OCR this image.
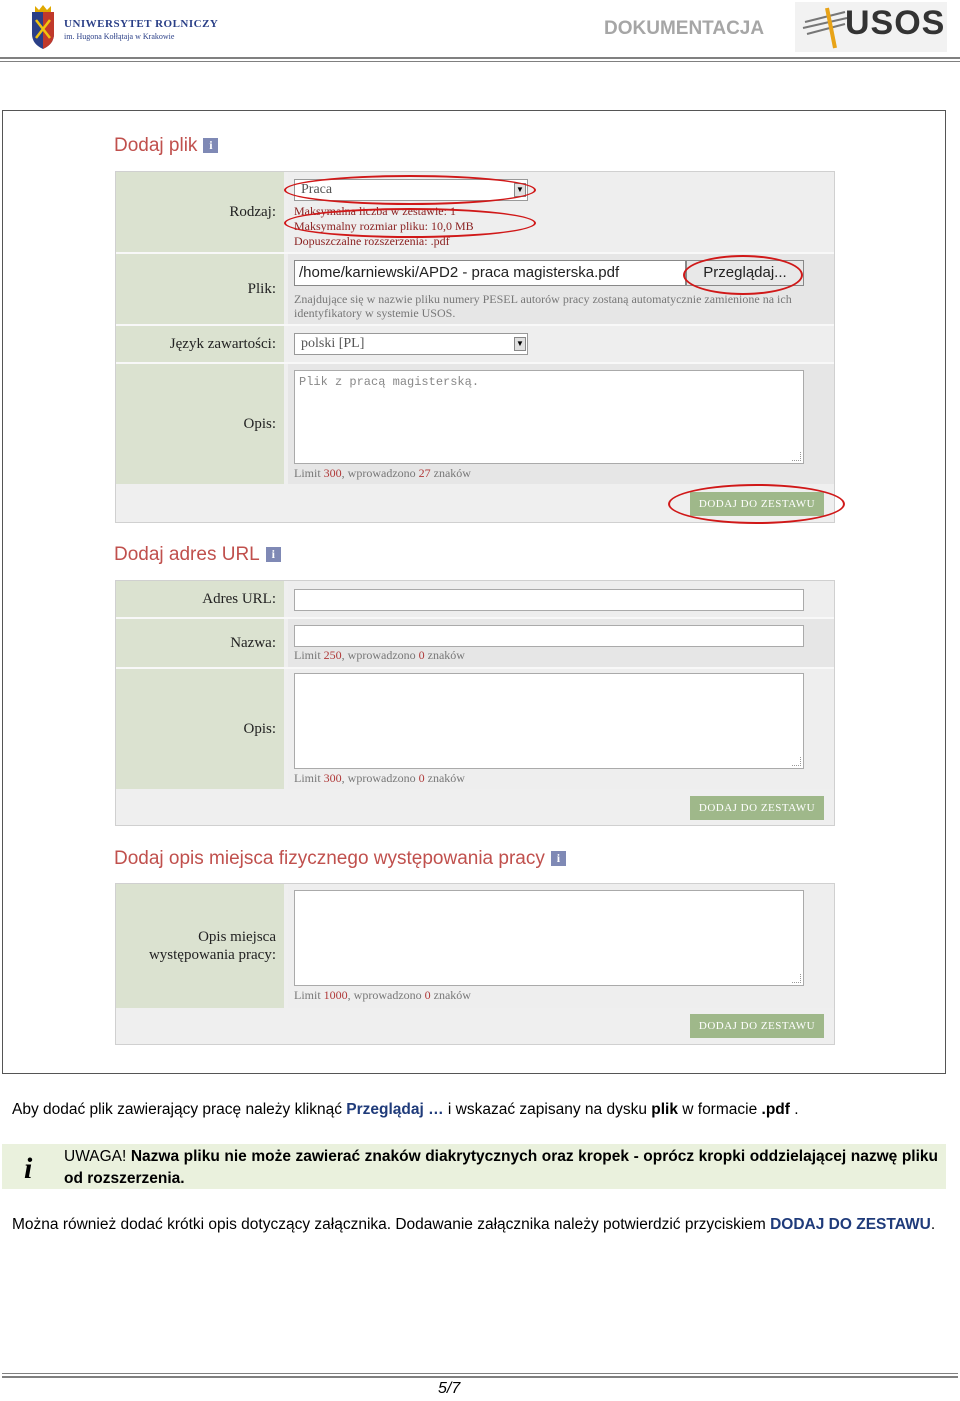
UNIWERSYTET ROLNICZY
im. Hugona Kołłątaja w Krakowie	DOKUMENTACJA USOS
Dodaj plik i
Rodzaj:
Praca	▼
Maksymalna liczba w zestawie: 1
Maksymalny rozmiar pliku: 10,0 MB
Dopuszczalne rozszerzenia: .pdf
Plik:
/home/karniewski/APD2 - praca magisterska.pdf	Przeglądaj...
Znajdujące się w nazwie pliku numery PESEL autorów pracy zostaną automatycznie zamienione na ich identyfikatory w systemie USOS.
Język zawartości:	polski [PL]	▼
Opis:
Plik z pracą magisterską.
Limit 300, wprowadzono 27 znaków
DODAJ DO ZESTAWU
Dodaj adres URL i
Adres URL:
Nazwa:
Limit 250, wprowadzono 0 znaków
Opis:
Limit 300, wprowadzono 0 znaków
DODAJ DO ZESTAWU
Dodaj opis miejsca fizycznego występowania pracy i
Opis miejsca
występowania pracy:
Limit 1000, wprowadzono 0 znaków
DODAJ DO ZESTAWU
Aby dodać plik zawierający pracę należy kliknąć Przeglądaj … i wskazać zapisany na dysku plik w formacie .pdf .
i UWAGA! Nazwa pliku nie może zawierać znaków diakrytycznych oraz kropek - oprócz kropki oddzielającej nazwę pliku od rozszerzenia.
Można również dodać krótki opis dotyczący załącznika. Dodawanie załącznika należy potwierdzić przyciskiem DODAJ DO ZESTAWU.
5/7
